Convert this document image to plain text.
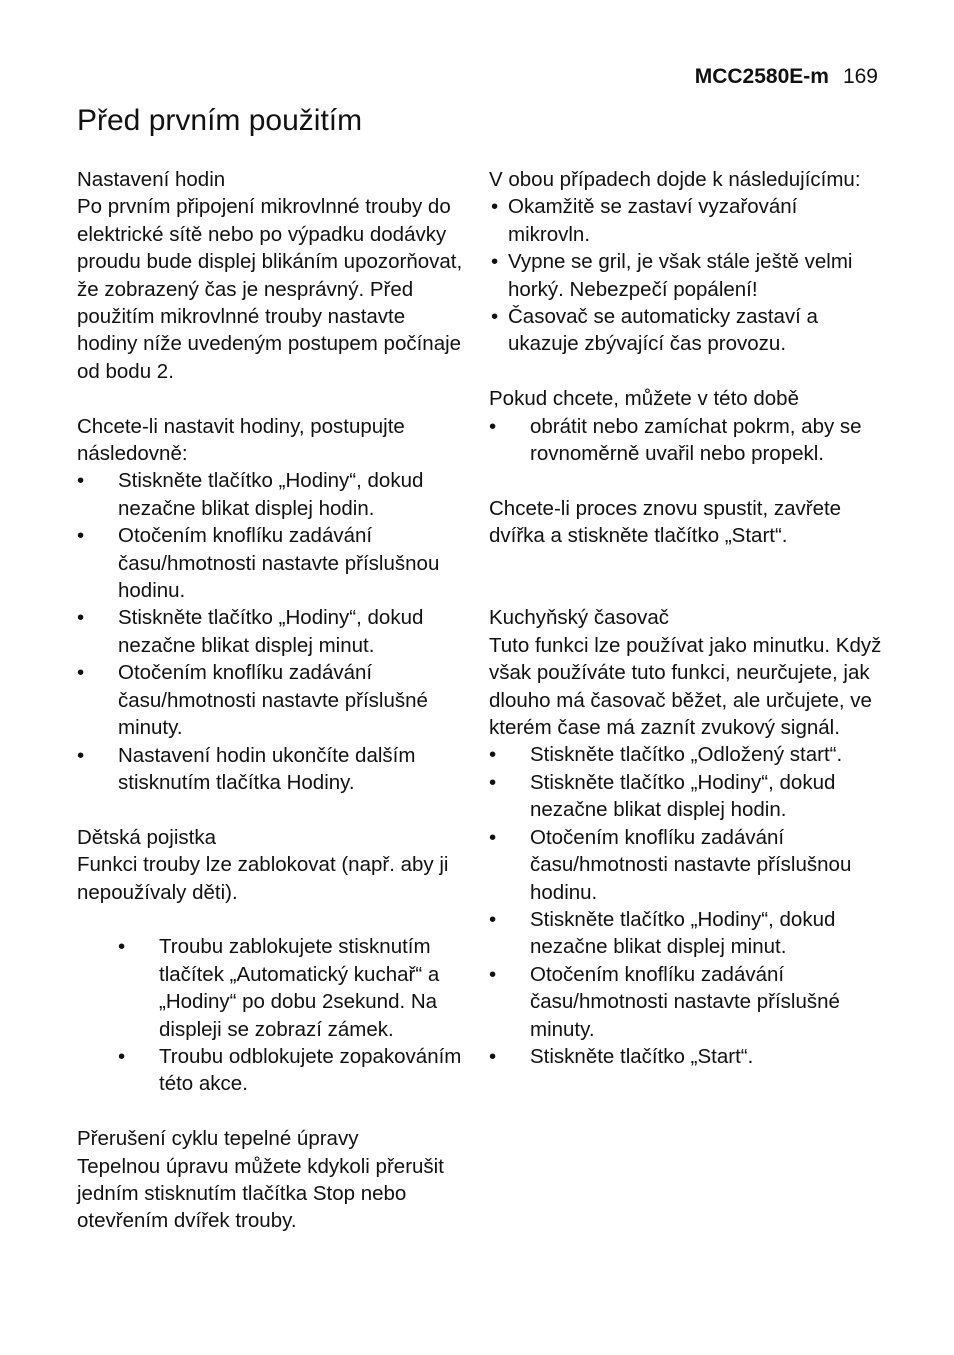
MCC2580E-m 169
Před prvním použitím

Nastavení hodin

Po prvním připojení mikrovlnné trouby do elektrické sítě nebo po výpadku dodávky proudu bude displej blikáním upozorňovat, že zobrazený čas je nesprávný. Před použitím mikrovlnné trouby nastavte hodiny níže uvedeným postupem počínaje od bodu 2.

Chcete-li nastavit hodiny, postupujte následovně:

•	Stiskněte tlačítko „Hodiny“, dokud nezačne blikat displej hodin.
•	Otočením knoflíku zadávání času/hmotnosti nastavte příslušnou hodinu.
•	Stiskněte tlačítko „Hodiny“, dokud nezačne blikat displej minut.
•	Otočením knoflíku zadávání času/hmotnosti nastavte příslušné minuty.
•	Nastavení hodin ukončíte dalším stisknutím tlačítka Hodiny.

Dětská pojistka

Funkci trouby lze zablokovat (např. aby ji nepoužívaly děti).

•	Troubu zablokujete stisknutím tlačítek „Automatický kuchař“ a „Hodiny“ po dobu 2sekund. Na displeji se zobrazí zámek.
•	Troubu odblokujete zopakováním této akce.

Přerušení cyklu tepelné úpravy

Tepelnou úpravu můžete kdykoli přerušit jedním stisknutím tlačítka Stop nebo otevřením dvířek trouby.

V obou případech dojde k následujícímu:

• Okamžitě se zastaví vyzařování mikrovln.
• Vypne se gril, je však stále ještě velmi horký. Nebezpečí popálení!
• Časovač se automaticky zastaví a ukazuje zbývající čas provozu.

Pokud chcete, můžete v této době

•	obrátit nebo zamíchat pokrm, aby se rovnoměrně uvařil nebo propekl.

Chcete-li proces znovu spustit, zavřete dvířka a stiskněte tlačítko „Start“.

Kuchyňský časovač

Tuto funkci lze používat jako minutku. Když však používáte tuto funkci, neurčujete, jak dlouho má časovač běžet, ale určujete, ve kterém čase má zaznít zvukový signál.

•	Stiskněte tlačítko „Odložený start“.
•	Stiskněte tlačítko „Hodiny“, dokud nezačne blikat displej hodin.
•	Otočením knoflíku zadávání času/hmotnosti nastavte příslušnou hodinu.
•	Stiskněte tlačítko „Hodiny“, dokud nezačne blikat displej minut.
•	Otočením knoflíku zadávání času/hmotnosti nastavte příslušné minuty.
•	Stiskněte tlačítko „Start“.
